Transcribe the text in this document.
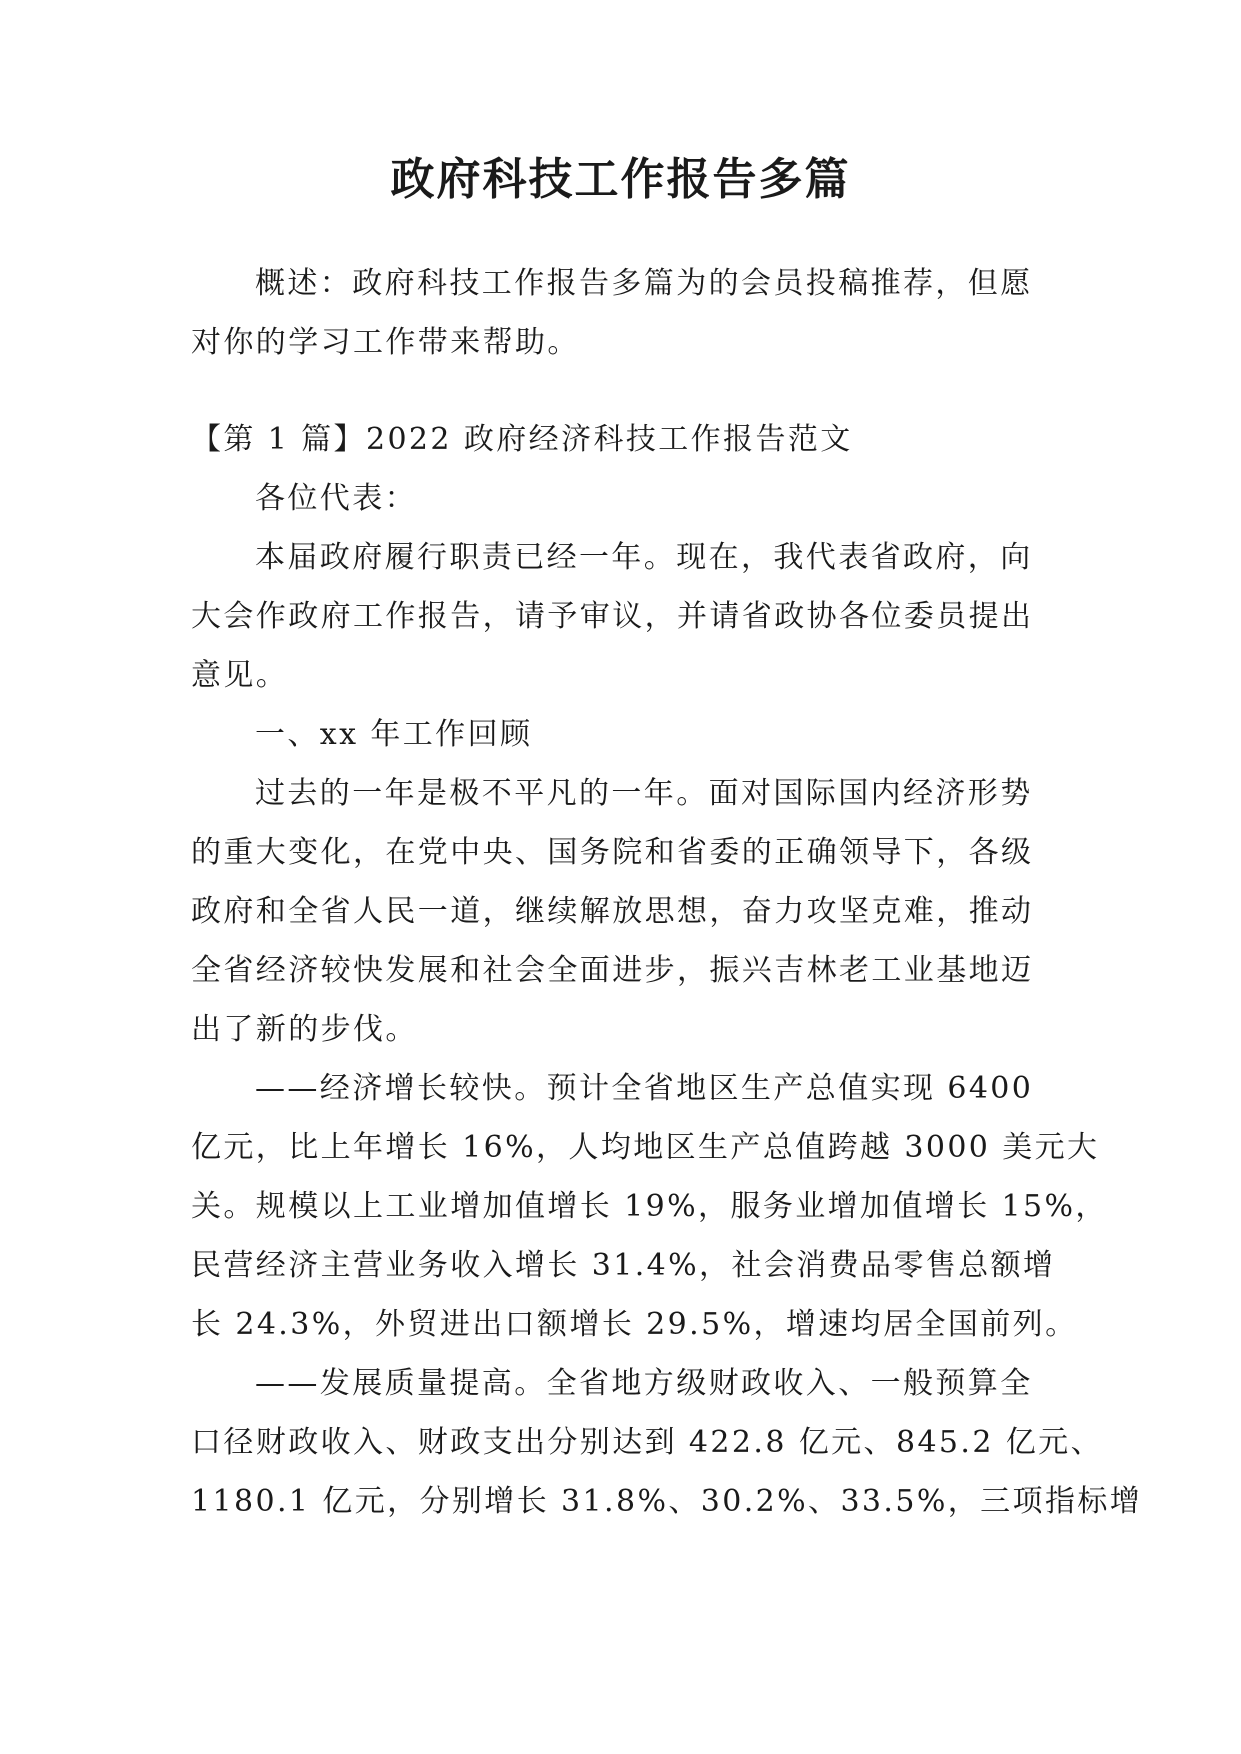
政府科技工作报告多篇
概述：政府科技工作报告多篇为的会员投稿推荐，但愿
对你的学习工作带来帮助。
【第 1 篇】2022 政府经济科技工作报告范文
各位代表：
本届政府履行职责已经一年。现在，我代表省政府，向
大会作政府工作报告，请予审议，并请省政协各位委员提出
意见。
一、xx 年工作回顾
过去的一年是极不平凡的一年。面对国际国内经济形势
的重大变化，在党中央、国务院和省委的正确领导下，各级
政府和全省人民一道，继续解放思想，奋力攻坚克难，推动
全省经济较快发展和社会全面进步，振兴吉林老工业基地迈
出了新的步伐。
——经济增长较快。预计全省地区生产总值实现 6400
亿元，比上年增长 16%，人均地区生产总值跨越 3000 美元大
关。规模以上工业增加值增长 19%，服务业增加值增长 15%，
民营经济主营业务收入增长 31.4%，社会消费品零售总额增
长 24.3%，外贸进出口额增长 29.5%，增速均居全国前列。
——发展质量提高。全省地方级财政收入、一般预算全
口径财政收入、财政支出分别达到 422.8 亿元、845.2 亿元、
1180.1 亿元，分别增长 31.8%、30.2%、33.5%，三项指标增
